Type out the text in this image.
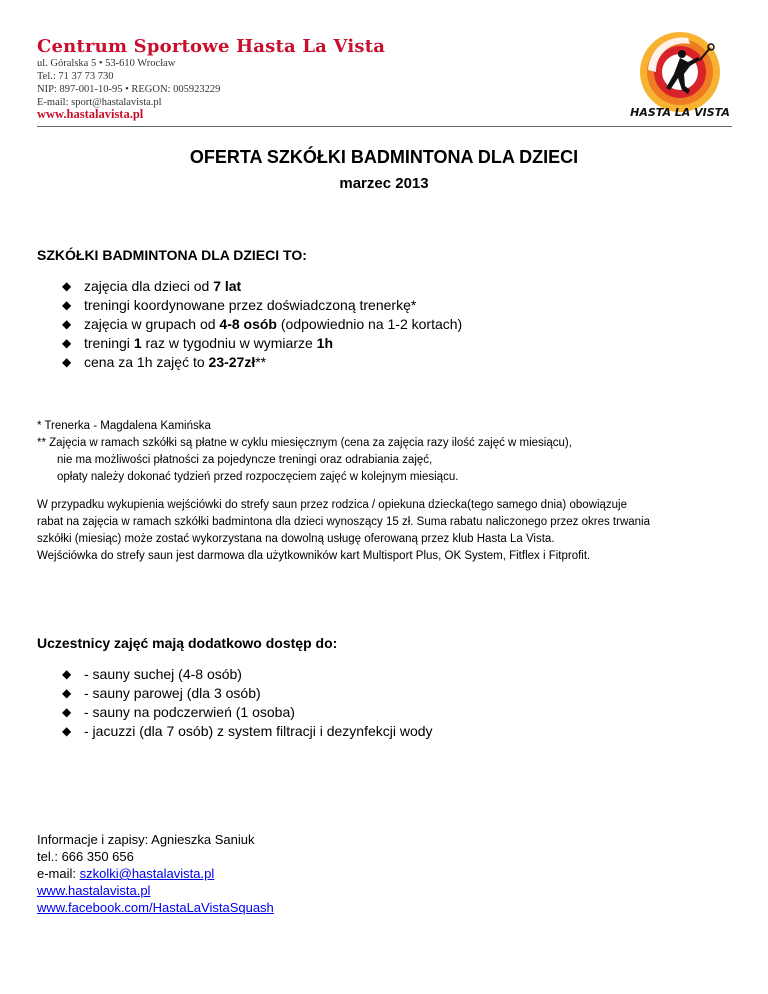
Centrum Sportowe Hasta La Vista
ul. Góralska 5 • 53-610 Wrocław
Tel.: 71 37 73 730
NIP: 897-001-10-95 • REGON: 005923229
E-mail: sport@hastalavista.pl
www.hastalavista.pl	HASTA LA VISTA
OFERTA SZKÓŁKI BADMINTONA DLA DZIECI
marzec 2013
SZKÓŁKI BADMINTONA DLA DZIECI TO:
◆ zajęcia dla dzieci od 7 lat
◆ treningi koordynowane przez doświadczoną trenerkę*
◆ zajęcia w grupach od 4-8 osób (odpowiednio na 1-2 kortach)
◆ treningi 1 raz w tygodniu w wymiarze 1h
◆ cena za 1h zajęć to 23-27zł**
* Trenerka - Magdalena Kamińska
** Zajęcia w ramach szkółki są płatne w cyklu miesięcznym (cena za zajęcia razy ilość zajęć w miesiącu),
nie ma możliwości płatności za pojedyncze treningi oraz odrabiania zajęć,
opłaty należy dokonać tydzień przed rozpoczęciem zajęć w kolejnym miesiącu.
W przypadku wykupienia wejściówki do strefy saun przez rodzica / opiekuna dziecka(tego samego dnia) obowiązuje
rabat na zajęcia w ramach szkółki badmintona dla dzieci wynoszący 15 zł. Suma rabatu naliczonego przez okres trwania
szkółki (miesiąc) może zostać wykorzystana na dowolną usługę oferowaną przez klub Hasta La Vista.
Wejściówka do strefy saun jest darmowa dla użytkowników kart Multisport Plus, OK System, Fitflex i Fitprofit.
Uczestnicy zajęć mają dodatkowo dostęp do:
◆ - sauny suchej (4-8 osób)
◆ - sauny parowej (dla 3 osób)
◆ - sauny na podczerwień (1 osoba)
◆ - jacuzzi (dla 7 osób) z system filtracji i dezynfekcji wody
Informacje i zapisy: Agnieszka Saniuk
tel.: 666 350 656
e-mail: szkolki@hastalavista.pl
www.hastalavista.pl
www.facebook.com/HastaLaVistaSquash
